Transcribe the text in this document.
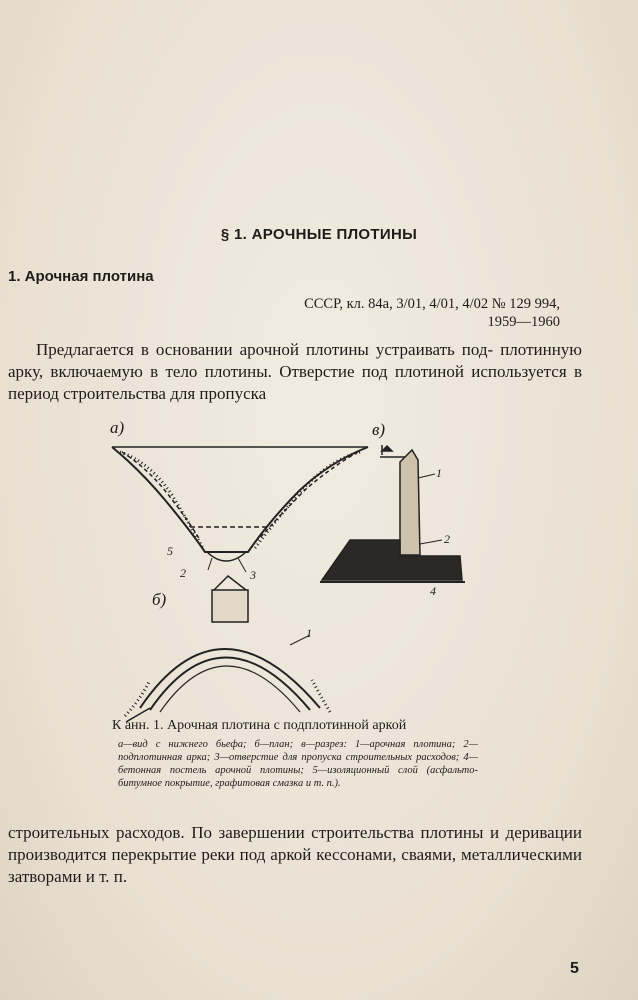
§ 1. АРОЧНЫЕ ПЛОТИНЫ
1. Арочная плотина
СССР, кл. 84а, 3/01, 4/01, 4/02 № 129 994,
1959—1960
Предлагается в основании арочной плотины устраивать под- плотинную арку, включаемую в тело плотины. Отверстие под плотиной используется в период строительства для пропуска
а)	в)
б)
5
2	3
1
1
2
4
К анн. 1. Арочная плотина с подплотинной аркой
а—вид с нижнего бьефа; б—план; в—разрез: 1—арочная плотина; 2—подплотинная арка; 3—отверстие для пропуска строительных расходов; 4—бетонная постель арочной плотины; 5—изоляционный слой (асфальто-битумное покрытие, графитовая смазка и т. п.).
строительных расходов. По завершении строительства плотины и деривации производится перекрытие реки под аркой кессонами, сваями, металлическими затворами и т. п.
5
